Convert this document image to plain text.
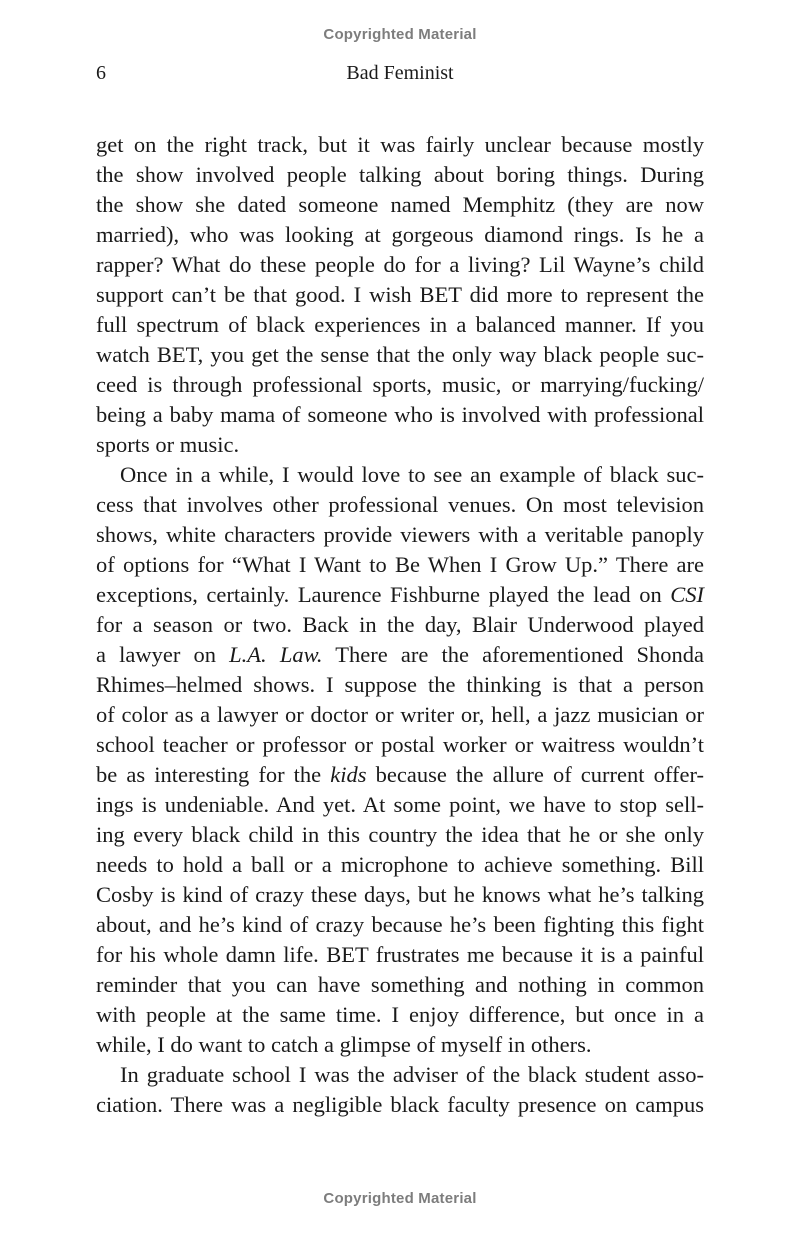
Copyrighted Material
6	Bad Feminist
get on the right track, but it was fairly unclear because mostly
the show involved people talking about boring things. During
the show she dated someone named Memphitz (they are now
married), who was looking at gorgeous diamond rings. Is he a
rapper? What do these people do for a living? Lil Wayne’s child
support can’t be that good. I wish BET did more to represent the
full spectrum of black experiences in a balanced manner. If you
watch BET, you get the sense that the only way black people suc-
ceed is through professional sports, music, or marrying/fucking/
being a baby mama of someone who is involved with professional
sports or music.
Once in a while, I would love to see an example of black suc-
cess that involves other professional venues. On most television
shows, white characters provide viewers with a veritable panoply
of options for “What I Want to Be When I Grow Up.” There are
exceptions, certainly. Laurence Fishburne played the lead on CSI
for a season or two. Back in the day, Blair Underwood played
a lawyer on L.A. Law. There are the aforementioned Shonda
Rhimes–helmed shows. I suppose the thinking is that a person
of color as a lawyer or doctor or writer or, hell, a jazz musician or
school teacher or professor or postal worker or waitress wouldn’t
be as interesting for the kids because the allure of current offer-
ings is undeniable. And yet. At some point, we have to stop sell-
ing every black child in this country the idea that he or she only
needs to hold a ball or a microphone to achieve something. Bill
Cosby is kind of crazy these days, but he knows what he’s talking
about, and he’s kind of crazy because he’s been fighting this fight
for his whole damn life. BET frustrates me because it is a painful
reminder that you can have something and nothing in common
with people at the same time. I enjoy difference, but once in a
while, I do want to catch a glimpse of myself in others.
In graduate school I was the adviser of the black student asso-
ciation. There was a negligible black faculty presence on campus
Copyrighted Material
